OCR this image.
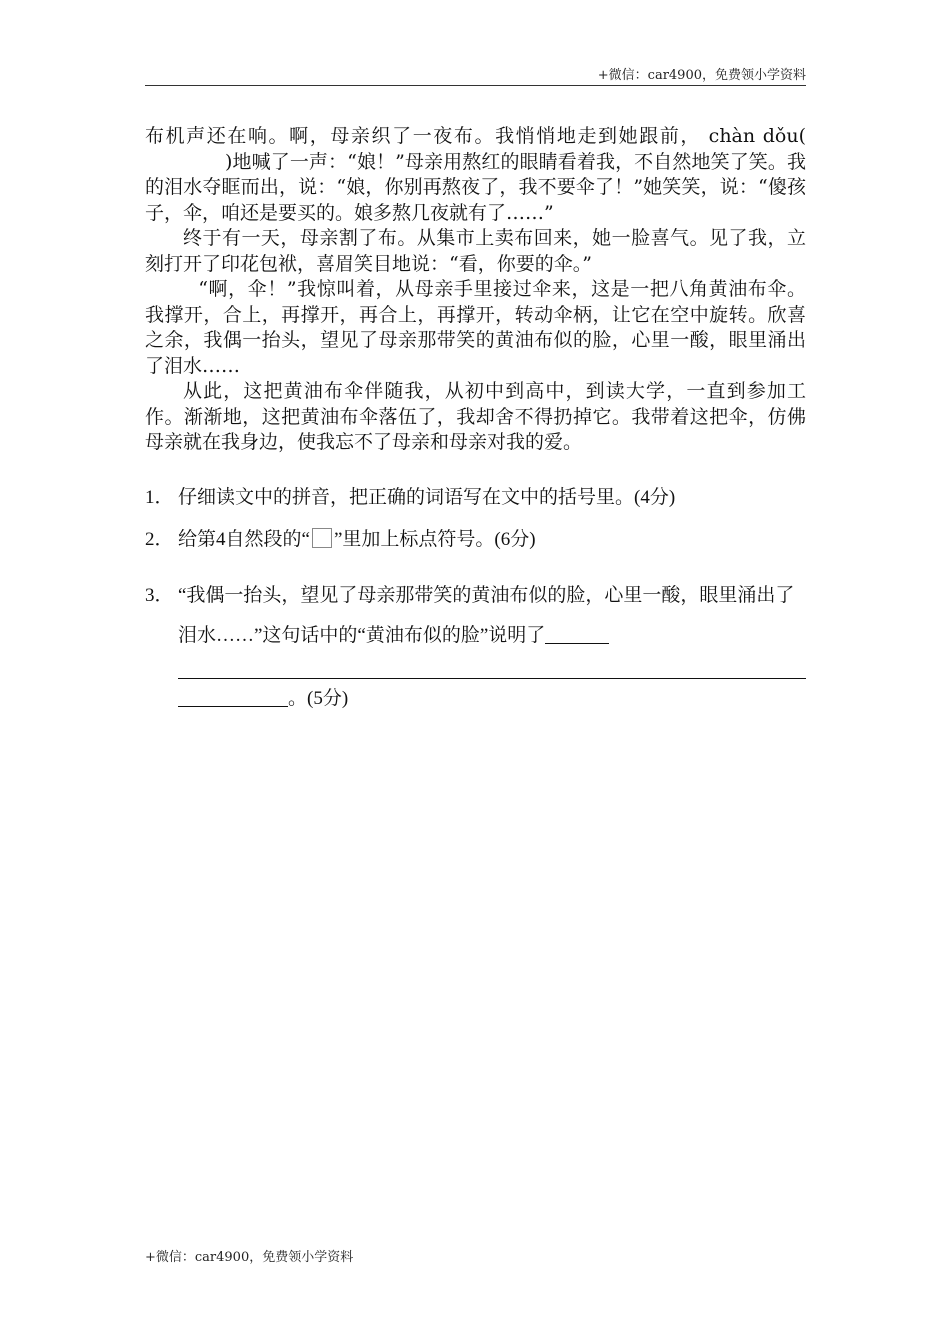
+微信：car4900，免费领小学资料

布机声还在响。啊，母亲织了一夜布。我悄悄地走到她跟前， chàn dǒu()地喊了一声：“娘！”母亲用熬红的眼睛看着我，不自然地笑了笑。我的泪水夺眶而出，说：“娘，你别再熬夜了，我不要伞了！”她笑笑，说：“傻孩子，伞，咱还是要买的。娘多熬几夜就有了……”

终于有一天，母亲割了布。从集市上卖布回来，她一脸喜气。见了我，立刻打开了印花包袱，喜眉笑目地说：“看，你要的伞。”

“啊，伞！”我惊叫着，从母亲手里接过伞来，这是一把八角黄油布伞。我撑开，合上，再撑开，再合上，再撑开，转动伞柄，让它在空中旋转。欣喜之余，我偶一抬头，望见了母亲那带笑的黄油布似的脸，心里一酸，眼里涌出了泪水……

从此，这把黄油布伞伴随我，从初中到高中，到读大学，一直到参加工作。渐渐地，这把黄油布伞落伍了，我却舍不得扔掉它。我带着这把伞，仿佛母亲就在我身边，使我忘不了母亲和母亲对我的爱。

1． 仔细读文中的拼音，把正确的词语写在文中的括号里。(4分)
2． 给第4自然段的“ ”里加上标点符号。(6分)
3． “我偶一抬头，望见了母亲那带笑的黄油布似的脸，心里一酸，眼里涌出了泪水……”这句话中的“黄油布似的脸”说明了
。(5分)
+微信：car4900，免费领小学资料
